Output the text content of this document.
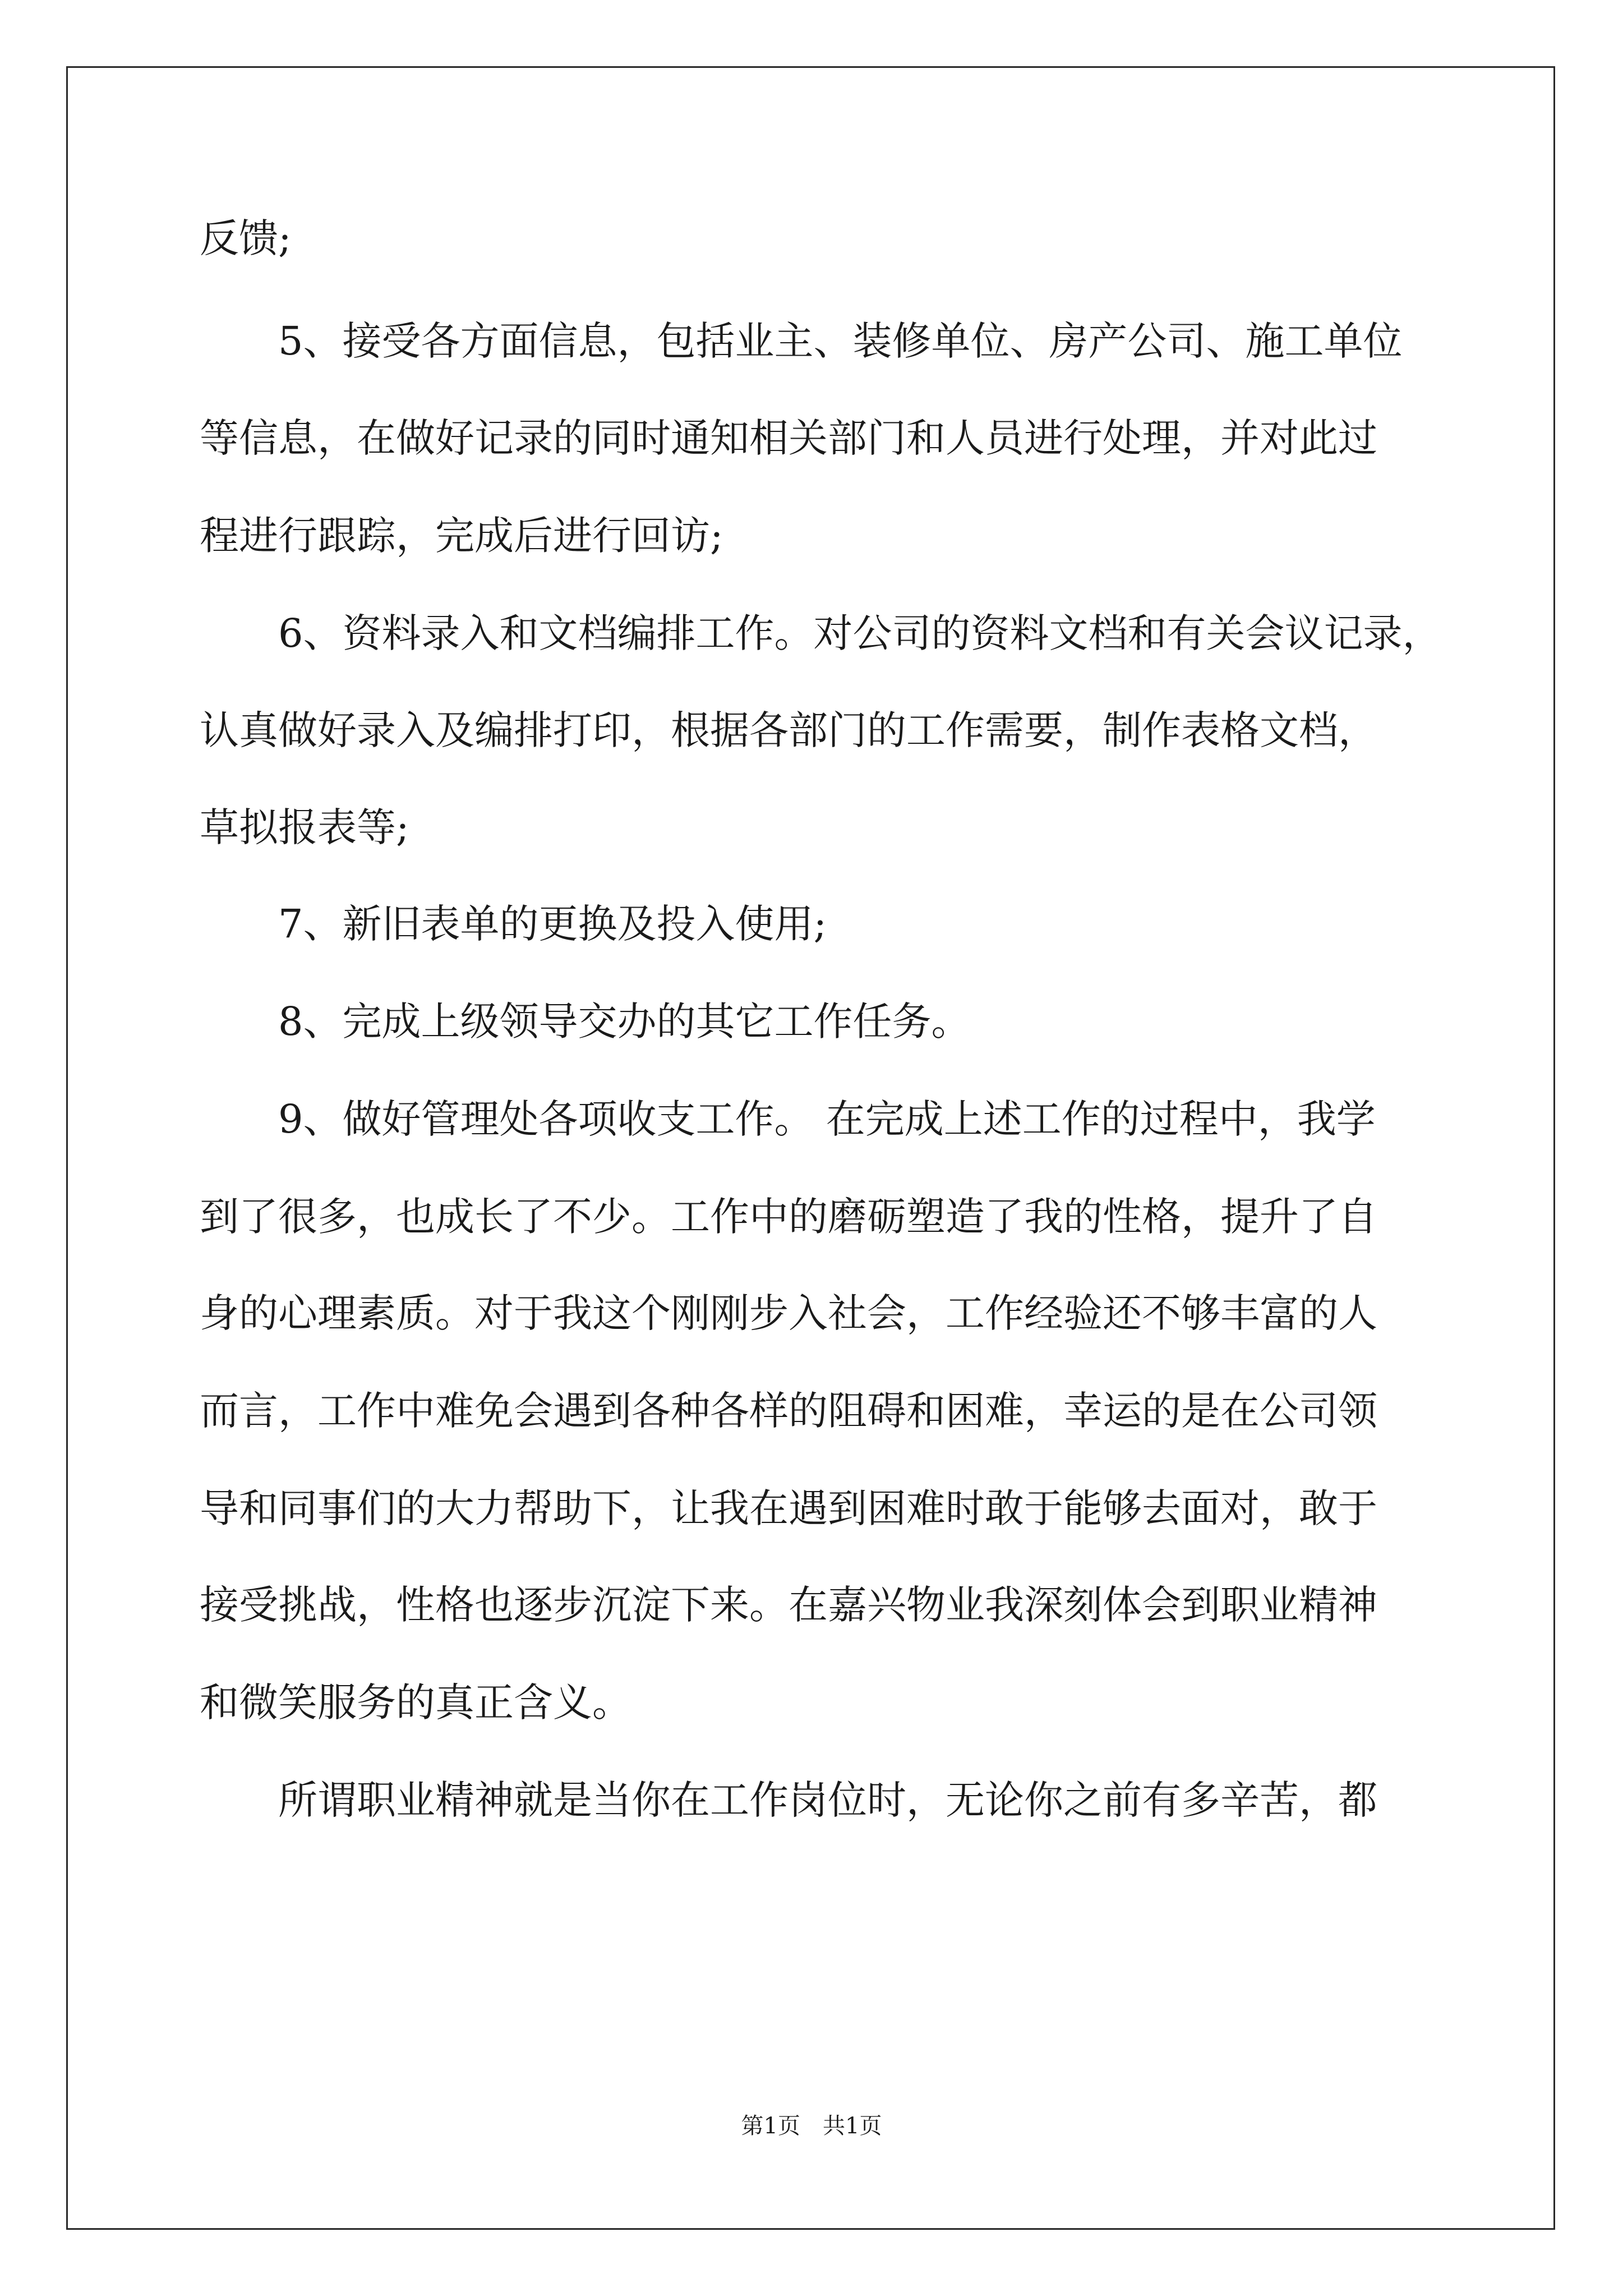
反馈;
5、接受各方面信息，包括业主、装修单位、房产公司、施工单位
等信息，在做好记录的同时通知相关部门和人员进行处理，并对此过
程进行跟踪，完成后进行回访;
6、资料录入和文档编排工作。对公司的资料文档和有关会议记录，
认真做好录入及编排打印，根据各部门的工作需要，制作表格文档，
草拟报表等;
7、新旧表单的更换及投入使用;
8、完成上级领导交办的其它工作任务。
9、做好管理处各项收支工作。 在完成上述工作的过程中，我学
到了很多，也成长了不少。工作中的磨砺塑造了我的性格，提升了自
身的心理素质。对于我这个刚刚步入社会，工作经验还不够丰富的人
而言，工作中难免会遇到各种各样的阻碍和困难，幸运的是在公司领
导和同事们的大力帮助下，让我在遇到困难时敢于能够去面对，敢于
接受挑战，性格也逐步沉淀下来。在嘉兴物业我深刻体会到职业精神
和微笑服务的真正含义。
所谓职业精神就是当你在工作岗位时，无论你之前有多辛苦，都
第1页　共1页
